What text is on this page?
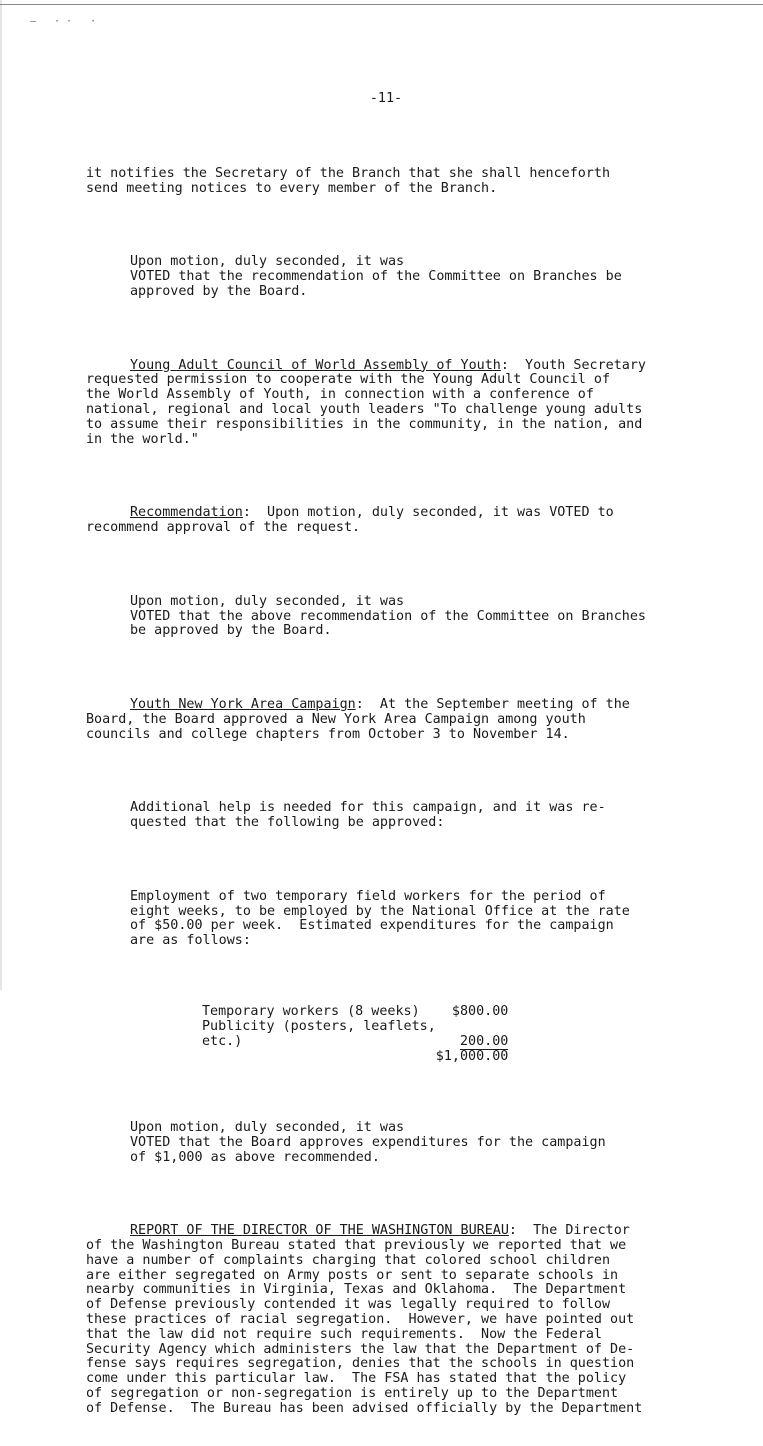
— ·· ·

-11-

it notifies the Secretary of the Branch that she shall henceforth
send meeting notices to every member of the Branch.

Upon motion, duly seconded, it was
VOTED that the recommendation of the Committee on Branches be
approved by the Board.

Young Adult Council of World Assembly of Youth:  Youth Secretary
requested permission to cooperate with the Young Adult Council of
the World Assembly of Youth, in connection with a conference of
national, regional and local youth leaders "To challenge young adults
to assume their responsibilities in the community, in the nation, and
in the world."

Recommendation:  Upon motion, duly seconded, it was VOTED to
recommend approval of the request.

Upon motion, duly seconded, it was
VOTED that the above recommendation of the Committee on Branches
be approved by the Board.

Youth New York Area Campaign:  At the September meeting of the
Board, the Board approved a New York Area Campaign among youth
councils and college chapters from October 3 to November 14.

Additional help is needed for this campaign, and it was re-
quested that the following be approved:

Employment of two temporary field workers for the period of
eight weeks, to be employed by the National Office at the rate
of $50.00 per week.  Estimated expenditures for the campaign
are as follows:

Temporary workers (8 weeks)	$800.00
Publicity (posters, leaflets,	
etc.)	200.00
	$1,000.00

Upon motion, duly seconded, it was
VOTED that the Board approves expenditures for the campaign
of $1,000 as above recommended.

REPORT OF THE DIRECTOR OF THE WASHINGTON BUREAU:  The Director
of the Washington Bureau stated that previously we reported that we
have a number of complaints charging that colored school children
are either segregated on Army posts or sent to separate schools in
nearby communities in Virginia, Texas and Oklahoma.  The Department
of Defense previously contended it was legally required to follow
these practices of racial segregation.  However, we have pointed out
that the law did not require such requirements.  Now the Federal
Security Agency which administers the law that the Department of De-
fense says requires segregation, denies that the schools in question
come under this particular law.  The FSA has stated that the policy
of segregation or non-segregation is entirely up to the Department
of Defense.  The Bureau has been advised officially by the Department
